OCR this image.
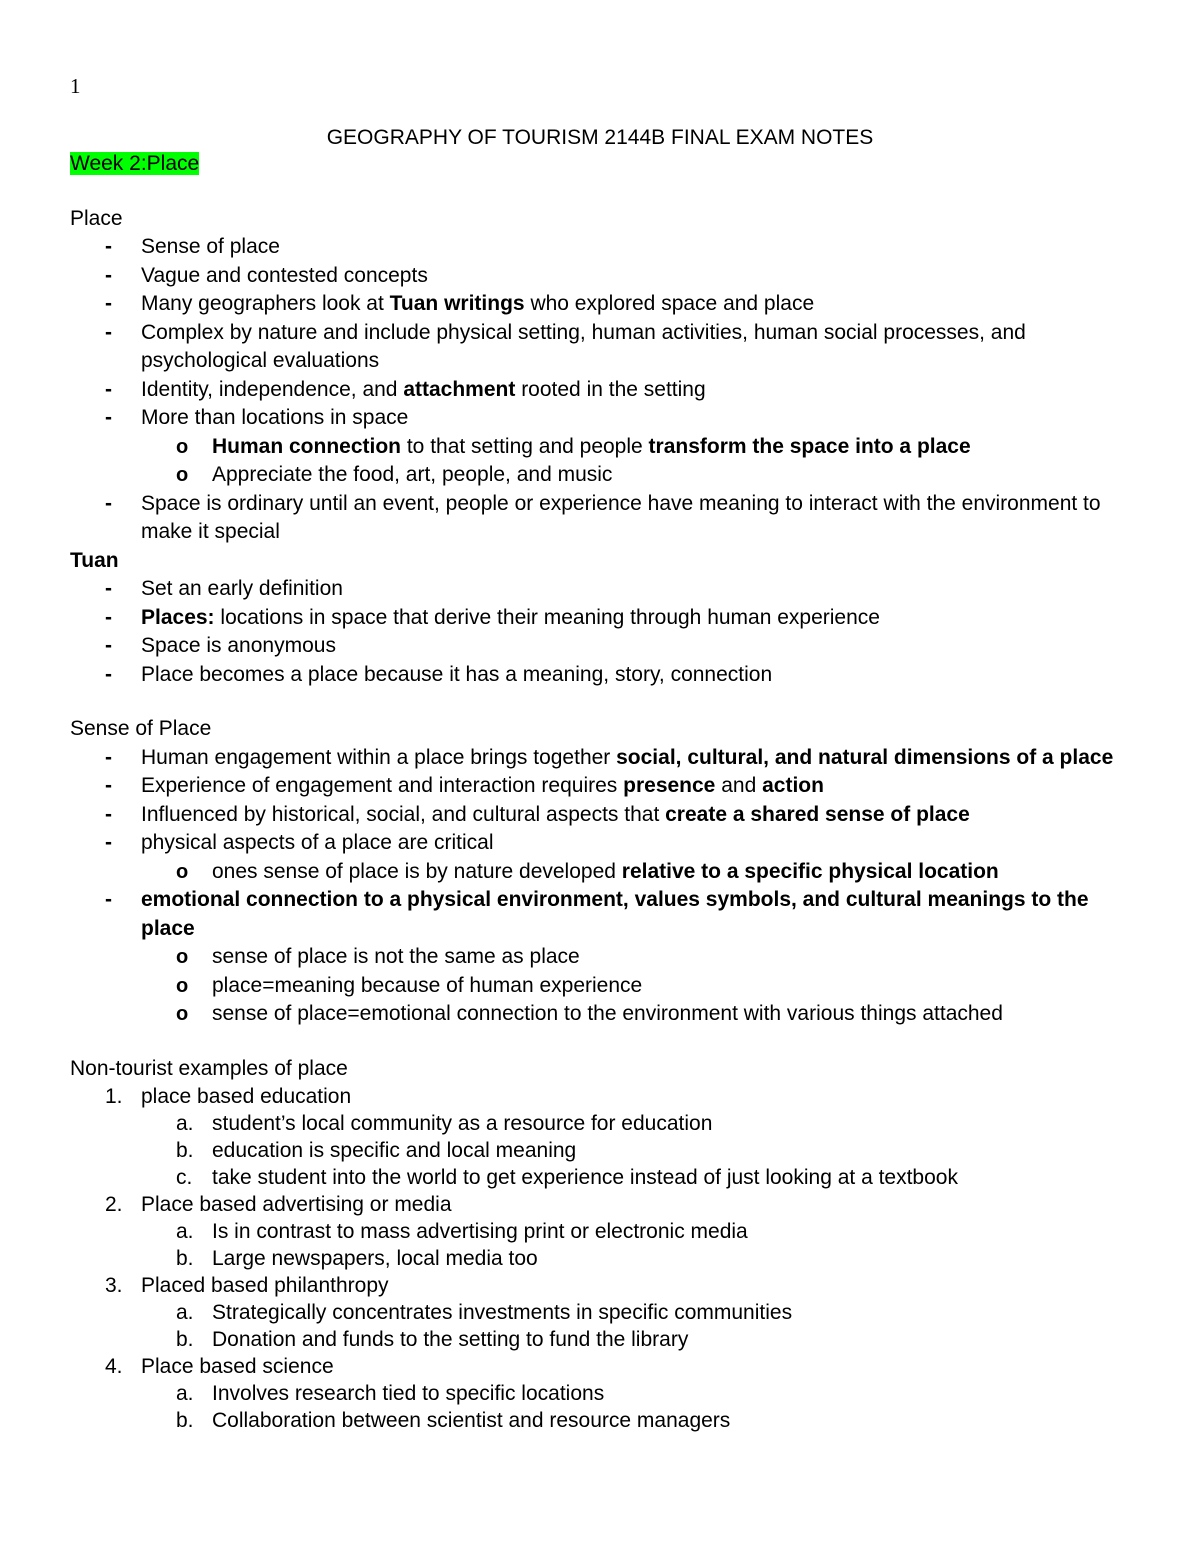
1
GEOGRAPHY OF TOURISM 2144B FINAL EXAM NOTES

Week 2:Place

Place

- Sense of place
- Vague and contested concepts
- Many geographers look at Tuan writings who explored space and place
- Complex by nature and include physical setting, human activities, human social processes, and psychological evaluations
- Identity, independence, and attachment rooted in the setting
- More than locations in space
o Human connection to that setting and people transform the space into a place
o Appreciate the food, art, people, and music
- Space is ordinary until an event, people or experience have meaning to interact with the environment to make it special

Tuan

- Set an early definition
- Places: locations in space that derive their meaning through human experience
- Space is anonymous
- Place becomes a place because it has a meaning, story, connection

Sense of Place

- Human engagement within a place brings together social, cultural, and natural dimensions of a place
- Experience of engagement and interaction requires presence and action
- Influenced by historical, social, and cultural aspects that create a shared sense of place
- physical aspects of a place are critical
o ones sense of place is by nature developed relative to a specific physical location
- emotional connection to a physical environment, values symbols, and cultural meanings to the place
o sense of place is not the same as place
o place=meaning because of human experience
o sense of place=emotional connection to the environment with various things attached

Non-tourist examples of place

1. place based education
a. student’s local community as a resource for education
b. education is specific and local meaning
c. take student into the world to get experience instead of just looking at a textbook
2. Place based advertising or media
a. Is in contrast to mass advertising print or electronic media
b. Large newspapers, local media too
3. Placed based philanthropy
a. Strategically concentrates investments in specific communities
b. Donation and funds to the setting to fund the library
4. Place based science
a. Involves research tied to specific locations
b. Collaboration between scientist and resource managers
